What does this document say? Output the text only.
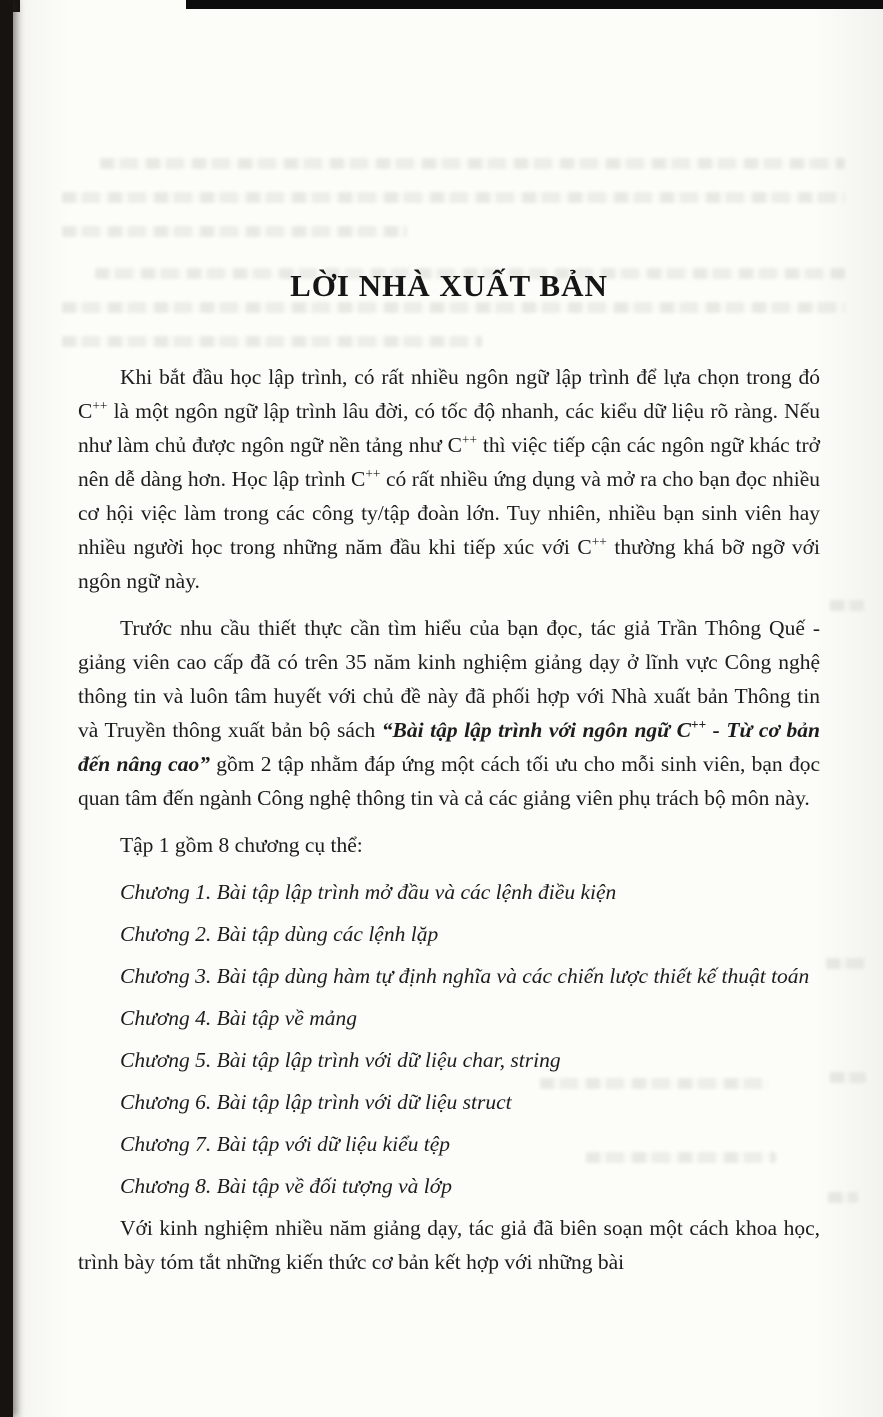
LỜI NHÀ XUẤT BẢN

Khi bắt đầu học lập trình, có rất nhiều ngôn ngữ lập trình để lựa chọn trong đó C++ là một ngôn ngữ lập trình lâu đời, có tốc độ nhanh, các kiểu dữ liệu rõ ràng. Nếu như làm chủ được ngôn ngữ nền tảng như C++ thì việc tiếp cận các ngôn ngữ khác trở nên dễ dàng hơn. Học lập trình C++ có rất nhiều ứng dụng và mở ra cho bạn đọc nhiều cơ hội việc làm trong các công ty/tập đoàn lớn. Tuy nhiên, nhiều bạn sinh viên hay nhiều người học trong những năm đầu khi tiếp xúc với C++ thường khá bỡ ngỡ với ngôn ngữ này.

Trước nhu cầu thiết thực cần tìm hiểu của bạn đọc, tác giả Trần Thông Quế - giảng viên cao cấp đã có trên 35 năm kinh nghiệm giảng dạy ở lĩnh vực Công nghệ thông tin và luôn tâm huyết với chủ đề này đã phối hợp với Nhà xuất bản Thông tin và Truyền thông xuất bản bộ sách “Bài tập lập trình với ngôn ngữ C++ - Từ cơ bản đến nâng cao” gồm 2 tập nhằm đáp ứng một cách tối ưu cho mỗi sinh viên, bạn đọc quan tâm đến ngành Công nghệ thông tin và cả các giảng viên phụ trách bộ môn này.

Tập 1 gồm 8 chương cụ thể:

Chương 1. Bài tập lập trình mở đầu và các lệnh điều kiện

Chương 2. Bài tập dùng các lệnh lặp

Chương 3. Bài tập dùng hàm tự định nghĩa và các chiến lược thiết kế thuật toán

Chương 4. Bài tập về mảng

Chương 5. Bài tập lập trình với dữ liệu char, string

Chương 6. Bài tập lập trình với dữ liệu struct

Chương 7. Bài tập với dữ liệu kiểu tệp

Chương 8. Bài tập về đối tượng và lớp

Với kinh nghiệm nhiều năm giảng dạy, tác giả đã biên soạn một cách khoa học, trình bày tóm tắt những kiến thức cơ bản kết hợp với những bài
